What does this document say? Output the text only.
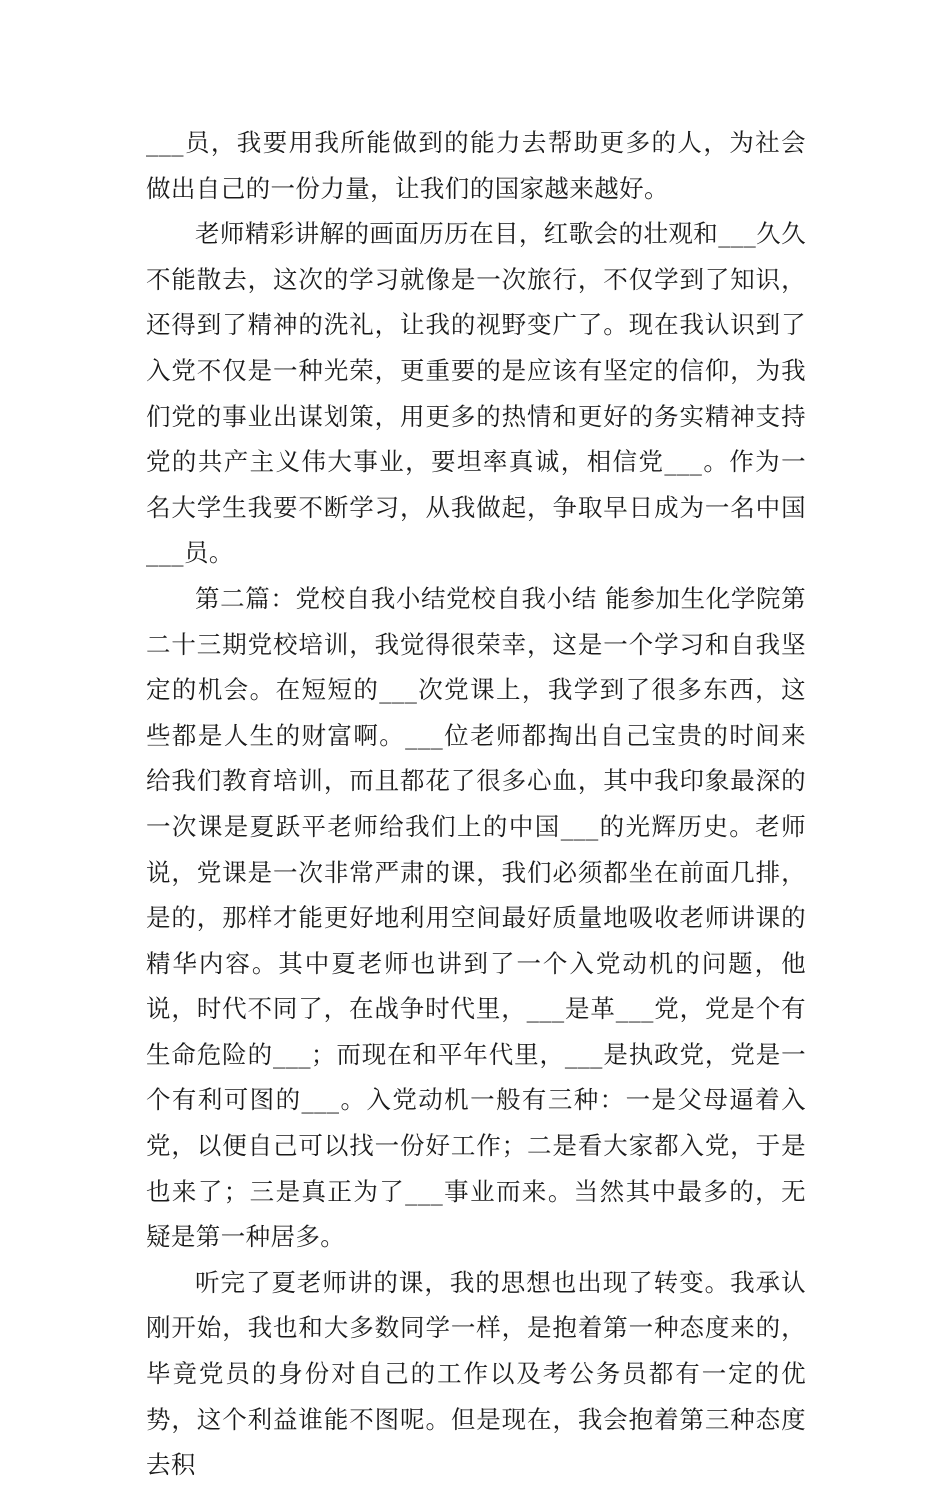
___员，我要用我所能做到的能力去帮助更多的人，为社会做出自己的一份力量，让我们的国家越来越好。

老师精彩讲解的画面历历在目，红歌会的壮观和___久久不能散去，这次的学习就像是一次旅行，不仅学到了知识，还得到了精神的洗礼，让我的视野变广了。现在我认识到了入党不仅是一种光荣，更重要的是应该有坚定的信仰，为我们党的事业出谋划策，用更多的热情和更好的务实精神支持党的共产主义伟大事业，要坦率真诚，相信党___。作为一名大学生我要不断学习，从我做起，争取早日成为一名中国___员。

第二篇：党校自我小结党校自我小结 能参加生化学院第二十三期党校培训，我觉得很荣幸，这是一个学习和自我坚定的机会。在短短的___次党课上，我学到了很多东西，这些都是人生的财富啊。___位老师都掏出自己宝贵的时间来给我们教育培训，而且都花了很多心血，其中我印象最深的一次课是夏跃平老师给我们上的中国___的光辉历史。老师说，党课是一次非常严肃的课，我们必须都坐在前面几排，是的，那样才能更好地利用空间最好质量地吸收老师讲课的精华内容。其中夏老师也讲到了一个入党动机的问题，他说，时代不同了，在战争时代里，___是革___党，党是个有生命危险的___；而现在和平年代里，___是执政党，党是一个有利可图的___。入党动机一般有三种：一是父母逼着入党，以便自己可以找一份好工作；二是看大家都入党，于是也来了；三是真正为了___事业而来。当然其中最多的，无疑是第一种居多。

听完了夏老师讲的课，我的思想也出现了转变。我承认刚开始，我也和大多数同学一样，是抱着第一种态度来的，毕竟党员的身份对自己的工作以及考公务员都有一定的优势，这个利益谁能不图呢。但是现在，我会抱着第三种态度去积
